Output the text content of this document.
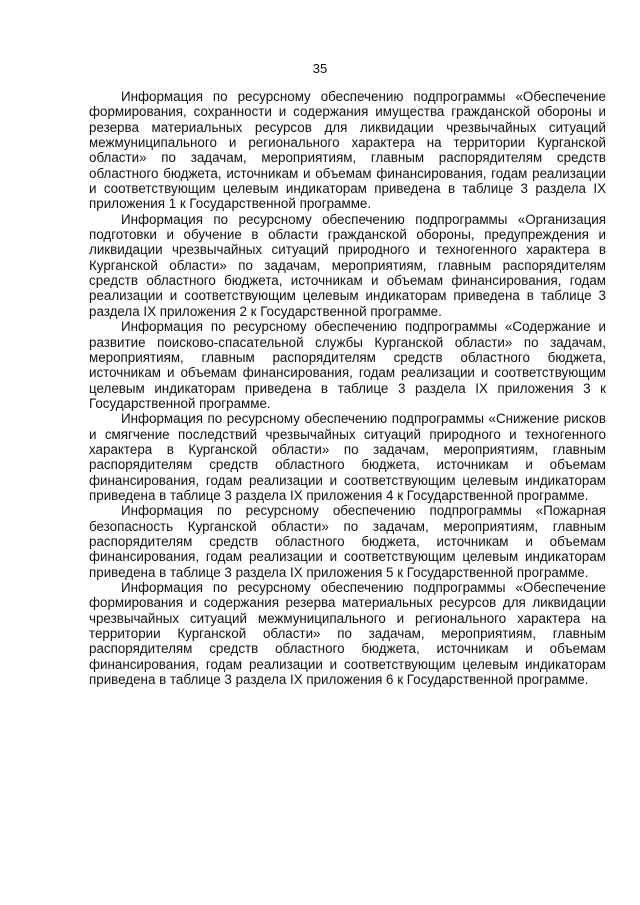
35

Информация по ресурсному обеспечению подпрограммы «Обеспечение формирования, сохранности и содержания имущества гражданской обороны и резерва материальных ресурсов для ликвидации чрезвычайных ситуаций межмуниципального и регионального характера на территории Курганской области» по задачам, мероприятиям, главным распорядителям средств областного бюджета, источникам и объемам финансирования, годам реализации и соответствующим целевым индикаторам приведена в таблице 3 раздела IX приложения 1 к Государственной программе.

Информация по ресурсному обеспечению подпрограммы «Организация подготовки и обучение в области гражданской обороны, предупреждения и ликвидации чрезвычайных ситуаций природного и техногенного характера в Курганской области» по задачам, мероприятиям, главным распорядителям средств областного бюджета, источникам и объемам финансирования, годам реализации и соответствующим целевым индикаторам приведена в таблице 3 раздела IX приложения 2 к Государственной программе.

Информация по ресурсному обеспечению подпрограммы «Содержание и развитие поисково-спасательной службы Курганской области» по задачам, мероприятиям, главным распорядителям средств областного бюджета, источникам и объемам финансирования, годам реализации и соответствующим целевым индикаторам приведена в таблице 3 раздела IX приложения 3 к Государственной программе.

Информация по ресурсному обеспечению подпрограммы «Снижение рисков и смягчение последствий чрезвычайных ситуаций природного и техногенного характера в Курганской области» по задачам, мероприятиям, главным распорядителям средств областного бюджета, источникам и объемам финансирования, годам реализации и соответствующим целевым индикаторам приведена в таблице 3 раздела IX приложения 4 к Государственной программе.

Информация по ресурсному обеспечению подпрограммы «Пожарная безопасность Курганской области» по задачам, мероприятиям, главным распорядителям средств областного бюджета, источникам и объемам финансирования, годам реализации и соответствующим целевым индикаторам приведена в таблице 3 раздела IX приложения 5 к Государственной программе.

Информация по ресурсному обеспечению подпрограммы «Обеспечение формирования и содержания резерва материальных ресурсов для ликвидации чрезвычайных ситуаций межмуниципального и регионального характера на территории Курганской области» по задачам, мероприятиям, главным распорядителям средств областного бюджета, источникам и объемам финансирования, годам реализации и соответствующим целевым индикаторам приведена в таблице 3 раздела IX приложения 6 к Государственной программе.
